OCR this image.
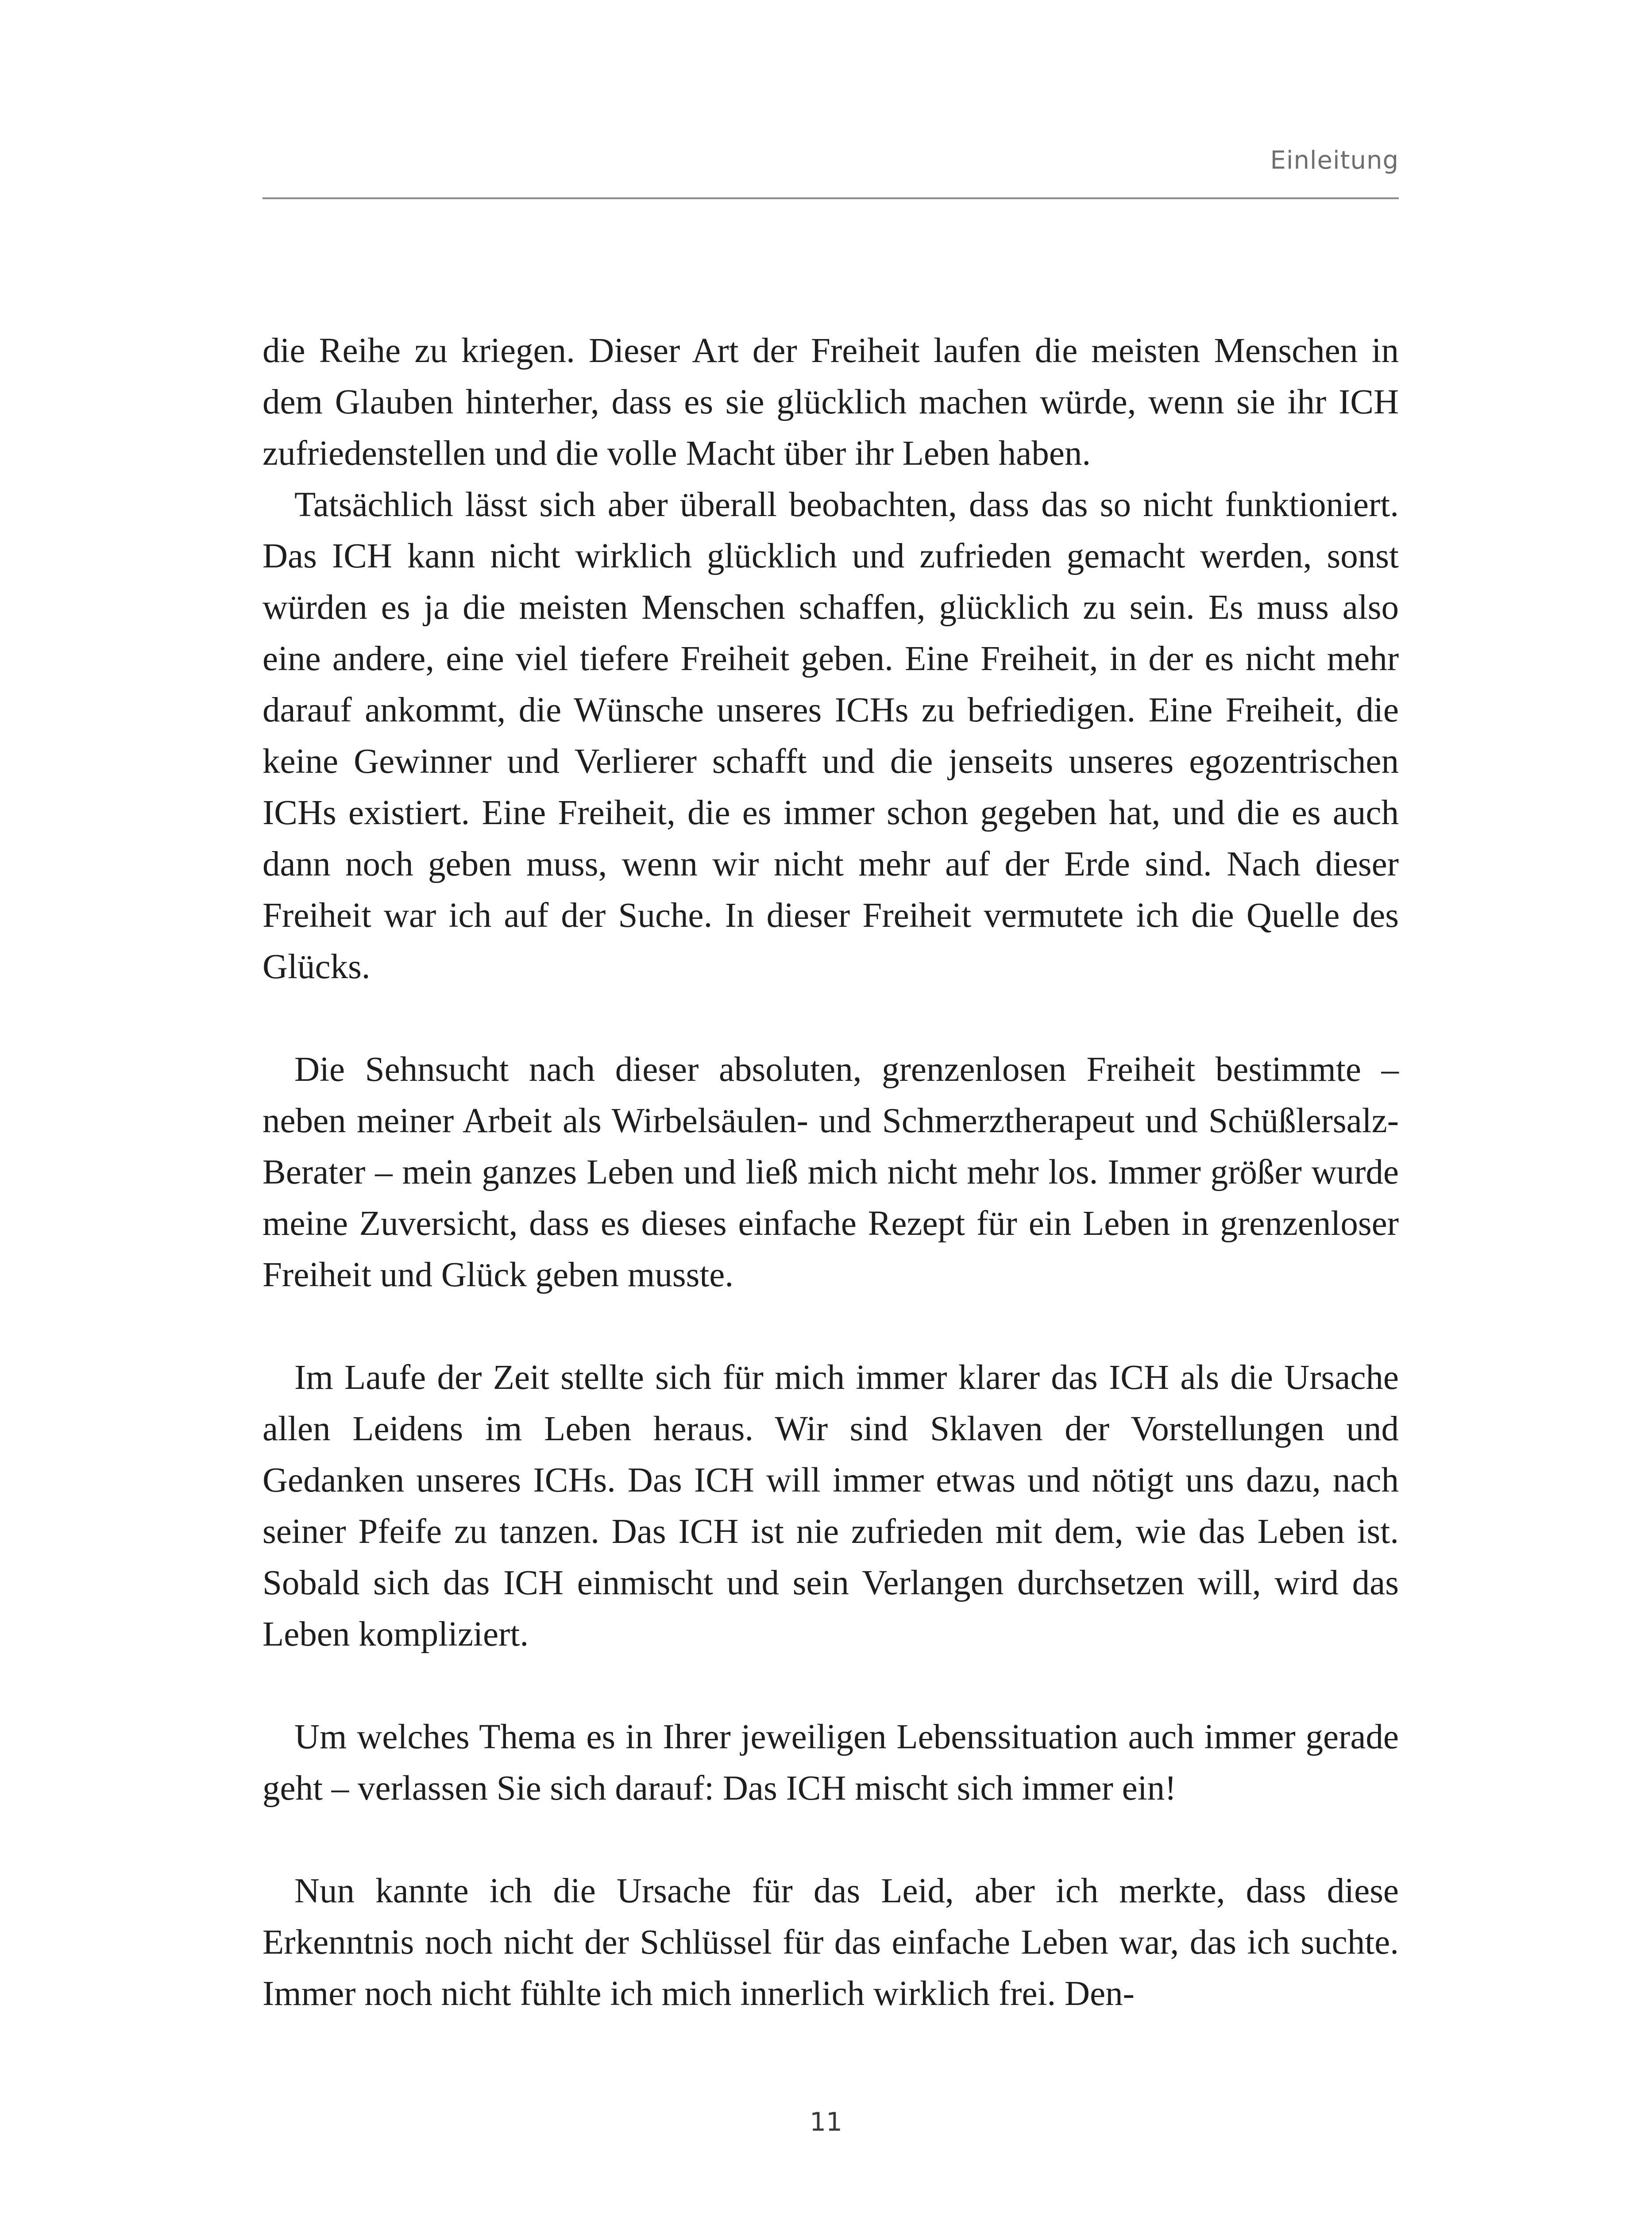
Einleitung

die Reihe zu kriegen. Dieser Art der Freiheit laufen die meisten Menschen in dem Glauben hinterher, dass es sie glücklich machen würde, wenn sie ihr ICH zufriedenstellen und die volle Macht über ihr Leben haben.

Tatsächlich lässt sich aber überall beobachten, dass das so nicht funktioniert. Das ICH kann nicht wirklich glücklich und zufrieden gemacht werden, sonst würden es ja die meisten Menschen schaffen, glücklich zu sein. Es muss also eine andere, eine viel tiefere Freiheit geben. Eine Freiheit, in der es nicht mehr darauf ankommt, die Wünsche unseres ICHs zu befriedigen. Eine Freiheit, die keine Gewinner und Verlierer schafft und die jenseits unseres egozentrischen ICHs existiert. Eine Freiheit, die es immer schon gegeben hat, und die es auch dann noch geben muss, wenn wir nicht mehr auf der Erde sind. Nach dieser Freiheit war ich auf der Suche. In dieser Freiheit vermutete ich die Quelle des Glücks.

Die Sehnsucht nach dieser absoluten, grenzenlosen Freiheit bestimmte – neben meiner Arbeit als Wirbelsäulen- und Schmerztherapeut und Schüßlersalz-Berater – mein ganzes Leben und ließ mich nicht mehr los. Immer größer wurde meine Zuversicht, dass es dieses einfache Rezept für ein Leben in grenzenloser Freiheit und Glück geben musste.

Im Laufe der Zeit stellte sich für mich immer klarer das ICH als die Ursache allen Leidens im Leben heraus. Wir sind Sklaven der Vorstellungen und Gedanken unseres ICHs. Das ICH will immer etwas und nötigt uns dazu, nach seiner Pfeife zu tanzen. Das ICH ist nie zufrieden mit dem, wie das Leben ist. Sobald sich das ICH einmischt und sein Verlangen durchsetzen will, wird das Leben kompliziert.

Um welches Thema es in Ihrer jeweiligen Lebenssituation auch immer gerade geht – verlassen Sie sich darauf: Das ICH mischt sich immer ein!

Nun kannte ich die Ursache für das Leid, aber ich merkte, dass diese Erkenntnis noch nicht der Schlüssel für das einfache Leben war, das ich suchte. Immer noch nicht fühlte ich mich innerlich wirklich frei. Den-

11
